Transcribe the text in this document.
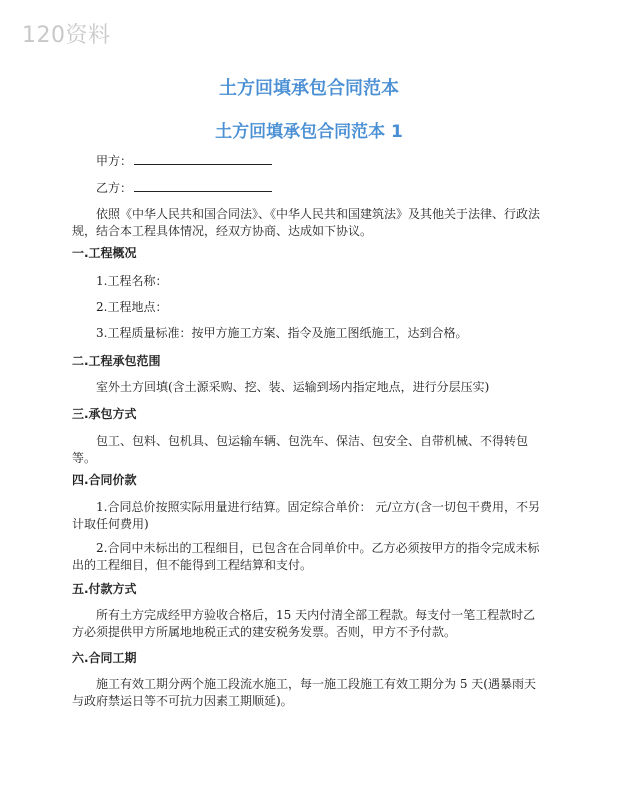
120资料
土方回填承包合同范本
土方回填承包合同范本 1
甲方：
乙方：
依照《中华人民共和国合同法》、《中华人民共和国建筑法》及其他关于法律、行政法规，结合本工程具体情况，经双方协商、达成如下协议。
一.工程概况
1.工程名称：
2.工程地点：
3.工程质量标准：按甲方施工方案、指令及施工图纸施工，达到合格。
二.工程承包范围
室外土方回填(含土源采购、挖、装、运输到场内指定地点，进行分层压实)
三.承包方式
包工、包料、包机具、包运输车辆、包洗车、保洁、包安全、自带机械、不得转包等。
四.合同价款
1.合同总价按照实际用量进行结算。固定综合单价： 元/立方(含一切包干费用，不另计取任何费用)
2.合同中未标出的工程细目，已包含在合同单价中。乙方必须按甲方的指令完成未标出的工程细目，但不能得到工程结算和支付。
五.付款方式
所有土方完成经甲方验收合格后，15 天内付清全部工程款。每支付一笔工程款时乙方必须提供甲方所属地地税正式的建安税务发票。否则，甲方不予付款。
六.合同工期
施工有效工期分两个施工段流水施工，每一施工段施工有效工期分为 5 天(遇暴雨天与政府禁运日等不可抗力因素工期顺延)。
